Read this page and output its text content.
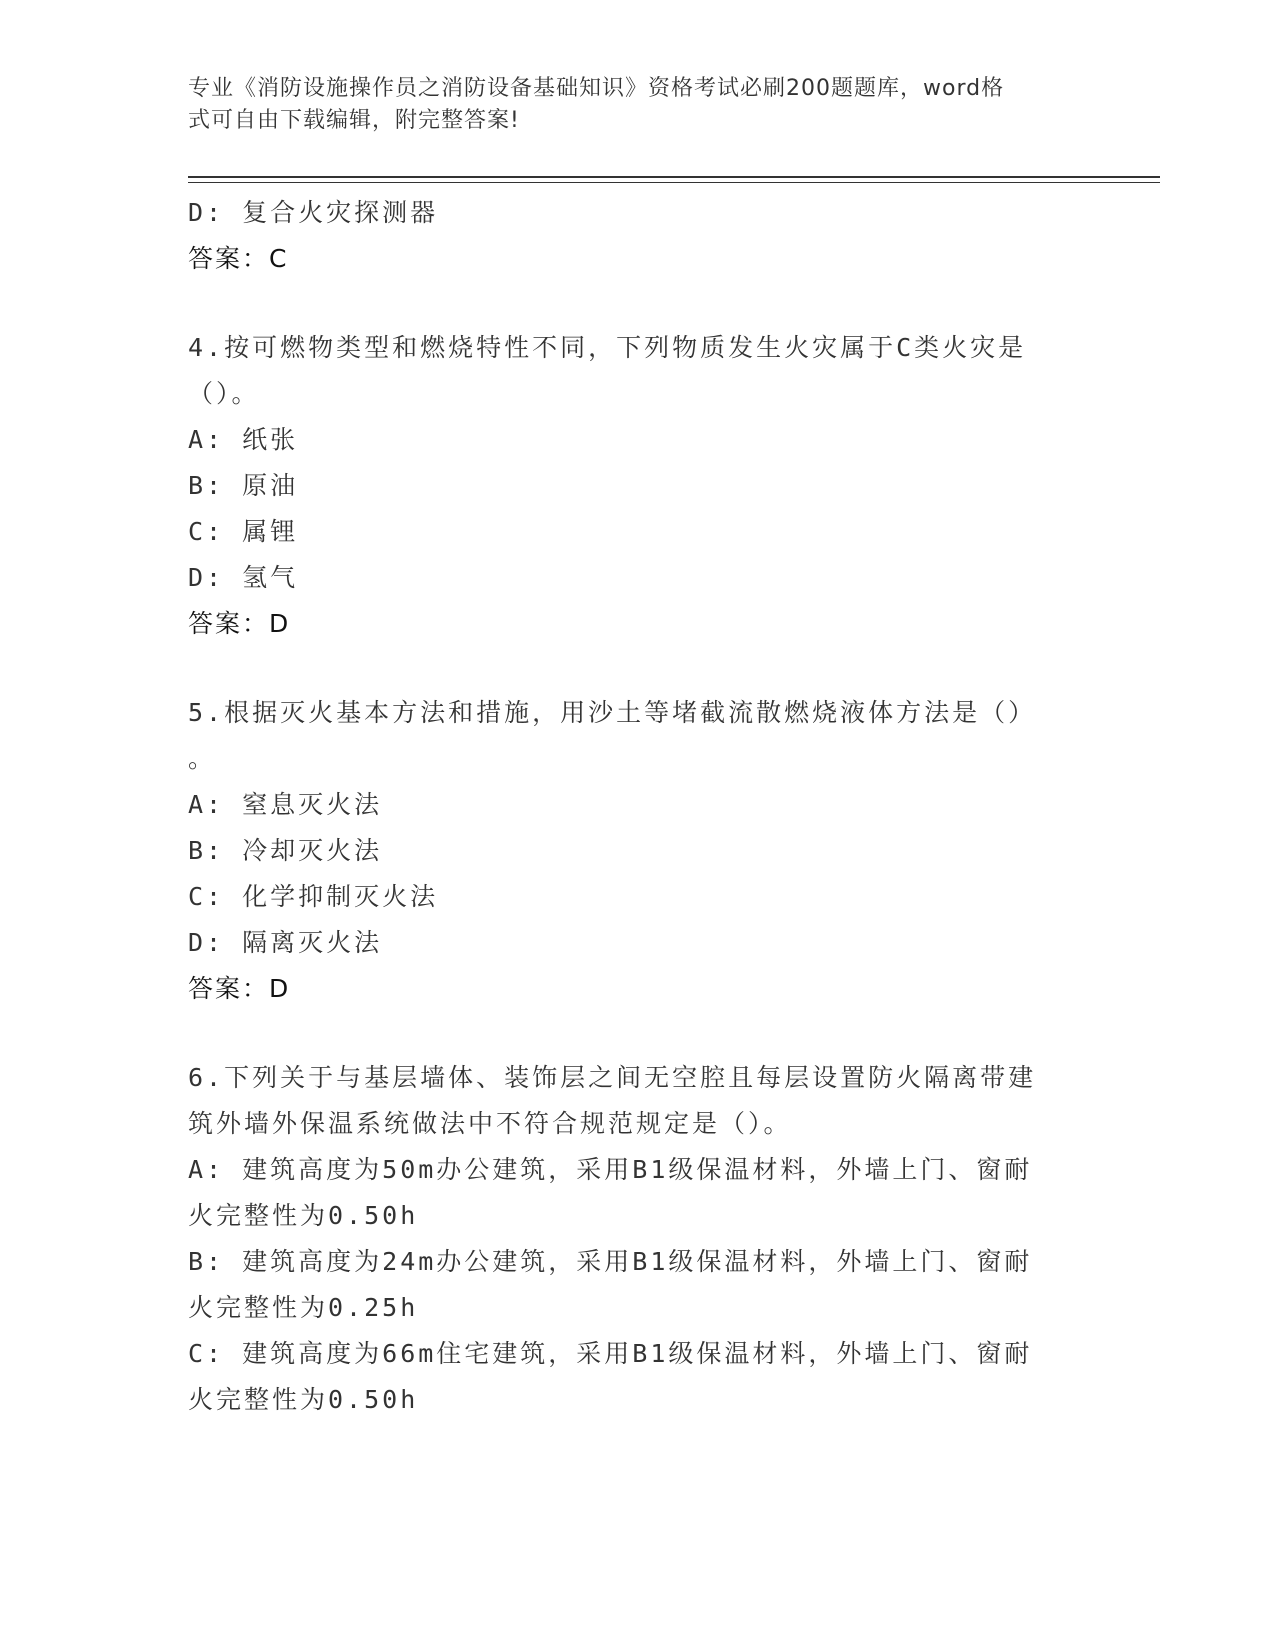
专业《消防设施操作员之消防设备基础知识》资格考试必刷200题题库，word格
式可自由下载编辑，附完整答案!
D: 复合火灾探测器
答案：C
4.按可燃物类型和燃烧特性不同，下列物质发生火灾属于C类火灾是
（）。
A: 纸张
B: 原油
C: 属锂
D: 氢气
答案：D
5.根据灭火基本方法和措施，用沙土等堵截流散燃烧液体方法是（）
。
A: 窒息灭火法
B: 冷却灭火法
C: 化学抑制灭火法
D: 隔离灭火法
答案：D
6.下列关于与基层墙体、装饰层之间无空腔且每层设置防火隔离带建
筑外墙外保温系统做法中不符合规范规定是（）。
A: 建筑高度为50m办公建筑，采用B1级保温材料，外墙上门、窗耐
火完整性为0.50h
B: 建筑高度为24m办公建筑，采用B1级保温材料，外墙上门、窗耐
火完整性为0.25h
C: 建筑高度为66m住宅建筑，采用B1级保温材料，外墙上门、窗耐
火完整性为0.50h
